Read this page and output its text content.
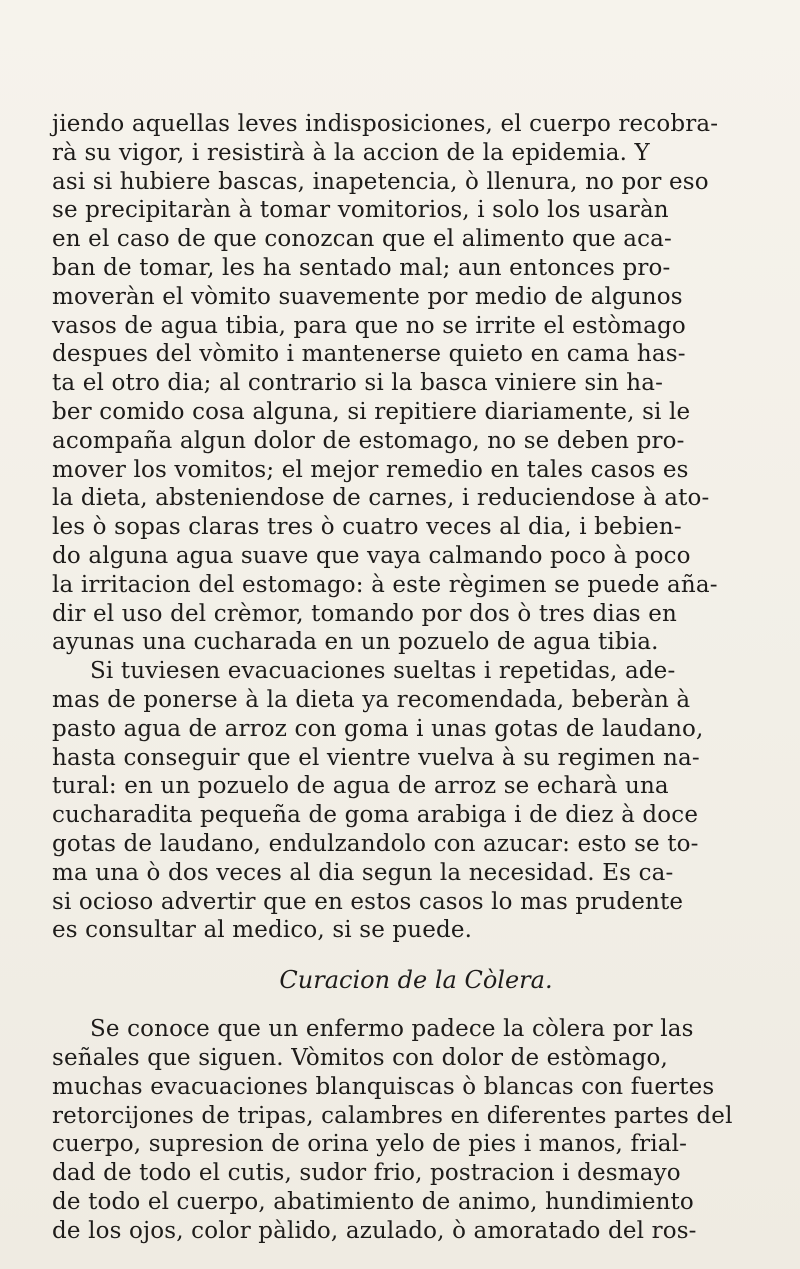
jiendo aquellas leves indisposiciones, el cuerpo recobra-
rà su vigor, i resistirà à la accion de la epidemia. Y
asi si hubiere bascas, inapetencia, ò llenura, no por eso
se precipitaràn à tomar vomitorios, i solo los usaràn
en el caso de que conozcan que el alimento que aca-
ban de tomar, les ha sentado mal; aun entonces pro-
moveràn el vòmito suavemente por medio de algunos
vasos de agua tibia, para que no se irrite el estòmago
despues del vòmito i mantenerse quieto en cama has-
ta el otro dia; al contrario si la basca viniere sin ha-
ber comido cosa alguna, si repitiere diariamente, si le
acompaña algun dolor de estomago, no se deben pro-
mover los vomitos; el mejor remedio en tales casos es
la dieta, absteniendose de carnes, i reduciendose à ato-
les ò sopas claras tres ò cuatro veces al dia, i bebien-
do alguna agua suave que vaya calmando poco à poco
la irritacion del estomago: à este règimen se puede aña-
dir el uso del crèmor, tomando por dos ò tres dias en
ayunas una cucharada en un pozuelo de agua tibia.
Si tuviesen evacuaciones sueltas i repetidas, ade-
mas de ponerse à la dieta ya recomendada, beberàn à
pasto agua de arroz con goma i unas gotas de laudano,
hasta conseguir que el vientre vuelva à su regimen na-
tural: en un pozuelo de agua de arroz se echarà una
cucharadita pequeña de goma arabiga i de diez à doce
gotas de laudano, endulzandolo con azucar: esto se to-
ma una ò dos veces al dia segun la necesidad. Es ca-
si ocioso advertir que en estos casos lo mas prudente
es consultar al medico, si se puede.
Curacion de la Còlera.
Se conoce que un enfermo padece la còlera por las
señales que siguen. Vòmitos con dolor de estòmago,
muchas evacuaciones blanquiscas ò blancas con fuertes
retorcijones de tripas, calambres en diferentes partes del
cuerpo, supresion de orina yelo de pies i manos, frial-
dad de todo el cutis, sudor frio, postracion i desmayo
de todo el cuerpo, abatimiento de animo, hundimiento
de los ojos, color pàlido, azulado, ò amoratado del ros-
